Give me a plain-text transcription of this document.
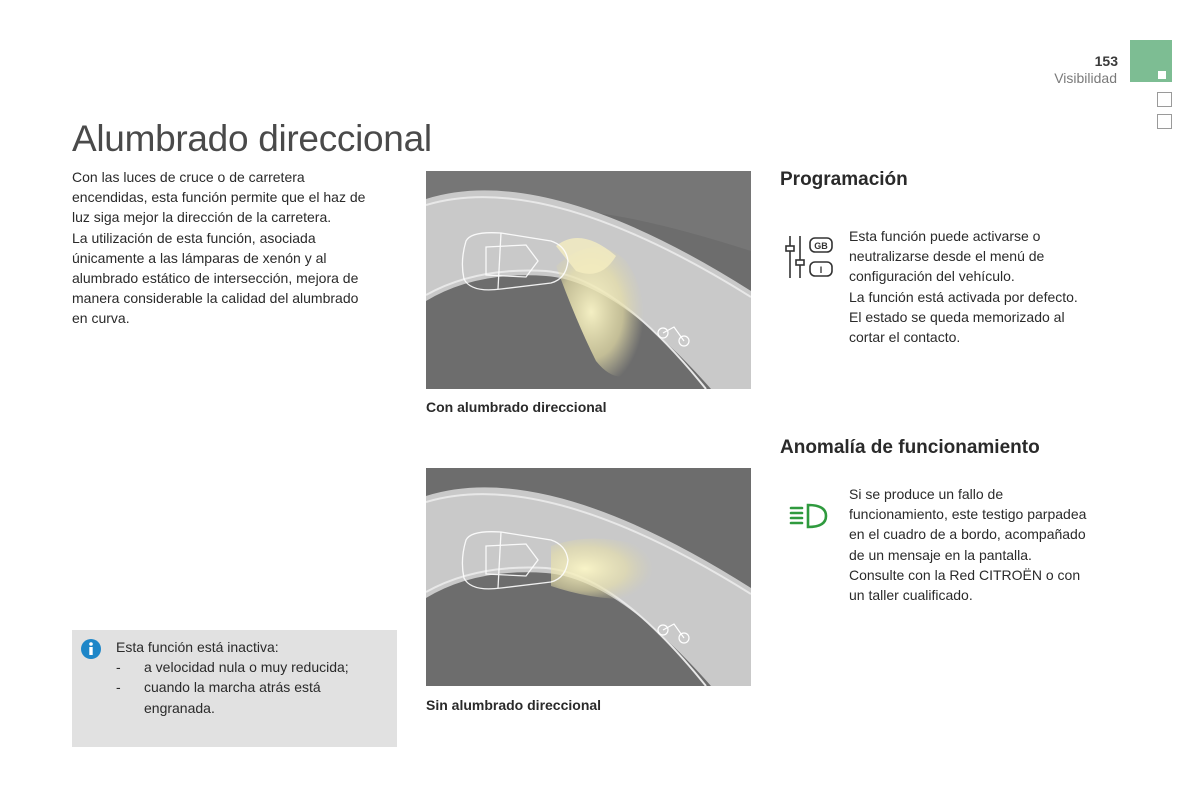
153
Visibilidad
Alumbrado direccional
Con las luces de cruce o de carretera
encendidas, esta función permite que el haz de
luz siga mejor la dirección de la carretera.
La utilización de esta función, asociada
únicamente a las lámparas de xenón y al
alumbrado estático de intersección, mejora de
manera considerable la calidad del alumbrado
en curva.
Con alumbrado direccional
Sin alumbrado direccional
Esta función está inactiva:
-	a velocidad nula o muy reducida;
-	cuando la marcha atrás está
engranada.
Programación
GB
I
Esta función puede activarse o
neutralizarse desde el menú de
configuración del vehículo.
La función está activada por defecto.
El estado se queda memorizado al
cortar el contacto.
Anomalía de funcionamiento
Si se produce un fallo de
funcionamiento, este testigo parpadea
en el cuadro de a bordo, acompañado
de un mensaje en la pantalla.
Consulte con la Red CITROËN o con
un taller cualificado.
